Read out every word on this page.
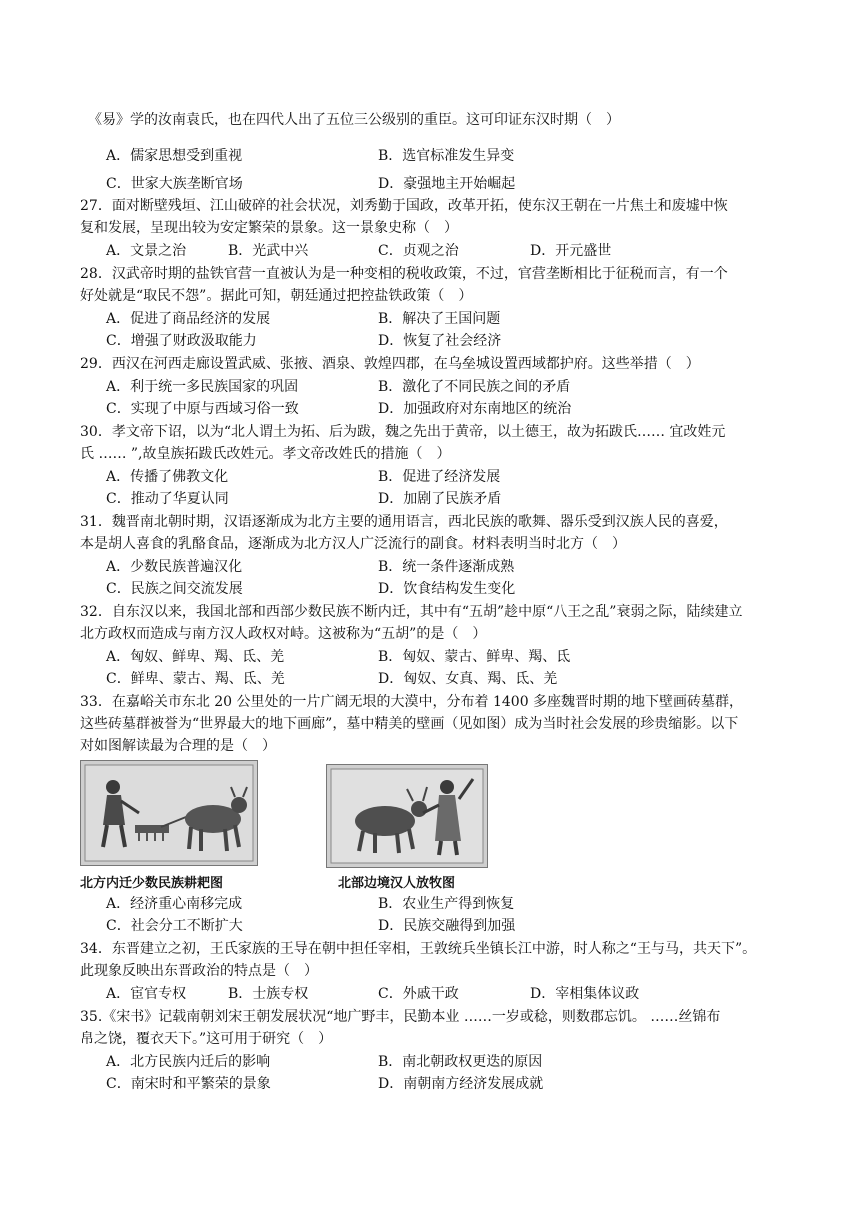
《易》学的汝南袁氏，也在四代人出了五位三公级别的重臣。这可印证东汉时期（　）
A．儒家思想受到重视	B．选官标准发生异变
C．世家大族垄断官场	D．豪强地主开始崛起
27．面对断壁残垣、江山破碎的社会状况，刘秀勤于国政，改革开拓，使东汉王朝在一片焦土和废墟中恢
复和发展，呈现出较为安定繁荣的景象。这一景象史称（　）
A．文景之治	B．光武中兴	C．贞观之治	D．开元盛世
28．汉武帝时期的盐铁官营一直被认为是一种变相的税收政策，不过，官营垄断相比于征税而言，有一个
好处就是“取民不怨”。据此可知，朝廷通过把控盐铁政策（　）
A．促进了商品经济的发展	B．解决了王国问题
C．增强了财政汲取能力	D．恢复了社会经济
29．西汉在河西走廊设置武威、张掖、酒泉、敦煌四郡，在乌垒城设置西域都护府。这些举措（　）
A．利于统一多民族国家的巩固	B．激化了不同民族之间的矛盾
C．实现了中原与西域习俗一致	D．加强政府对东南地区的统治
30．孝文帝下诏，以为“北人谓土为拓、后为跋，魏之先出于黄帝，以土德王，故为拓跋氏…… 宜改姓元
氏 …… ”,故皇族拓跋氏改姓元。孝文帝改姓氏的措施（　）
A．传播了佛教文化	B．促进了经济发展
C．推动了华夏认同	D．加剧了民族矛盾
31．魏晋南北朝时期，汉语逐渐成为北方主要的通用语言，西北民族的歌舞、器乐受到汉族人民的喜爱，
本是胡人喜食的乳酪食品，逐渐成为北方汉人广泛流行的副食。材料表明当时北方（　）
A．少数民族普遍汉化	B．统一条件逐渐成熟
C．民族之间交流发展	D．饮食结构发生变化
32．自东汉以来，我国北部和西部少数民族不断内迁，其中有“五胡”趁中原“八王之乱”衰弱之际，陆续建立
北方政权而造成与南方汉人政权对峙。这被称为“五胡”的是（　）
A．匈奴、鲜卑、羯、氐、羌	B．匈奴、蒙古、鲜卑、羯、氐
C．鲜卑、蒙古、羯、氐、羌	D．匈奴、女真、羯、氐、羌
33．在嘉峪关市东北 20 公里处的一片广阔无垠的大漠中，分布着 1400 多座魏晋时期的地下壁画砖墓群，
这些砖墓群被誉为“世界最大的地下画廊”，墓中精美的壁画（见如图）成为当时社会发展的珍贵缩影。以下
对如图解读最为合理的是（　）
北方内迁少数民族耕耙图	北部边境汉人放牧图
A．经济重心南移完成	B．农业生产得到恢复
C．社会分工不断扩大	D．民族交融得到加强
34．东晋建立之初，王氏家族的王导在朝中担任宰相，王敦统兵坐镇长江中游，时人称之“王与马，共天下”。
此现象反映出东晋政治的特点是（　）
A．宦官专权	B．士族专权	C．外戚干政	D．宰相集体议政
35.《宋书》记载南朝刘宋王朝发展状况“地广野丰，民勤本业 ……一岁或稔，则数郡忘饥。 ……丝锦布
帛之饶，覆衣天下。”这可用于研究（　）
A．北方民族内迁后的影响	B．南北朝政权更迭的原因
C．南宋时和平繁荣的景象	D．南朝南方经济发展成就
